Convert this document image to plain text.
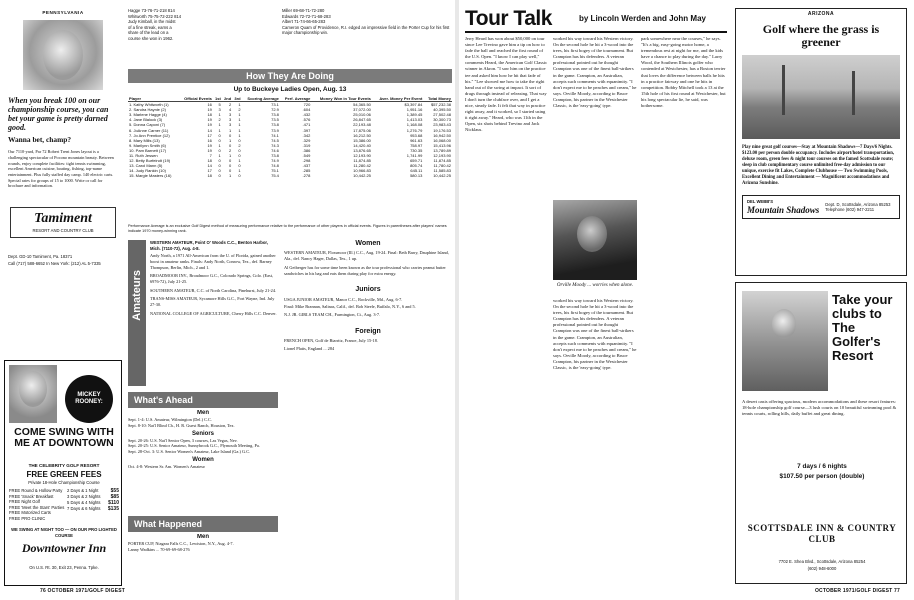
PENNSYLVANIA
When you break 100 on our championship course, you can bet your game is pretty darned good.
Wanna bet, champ?
Our 7110-yard, Par 72 Robert Trent Jones layout is a challenging spectacular of Pocono mountain beauty. Between rounds, enjoy complete facilities: tight tennis swimming, excellent American cuisine, boating, fishing, top-name entertainment. Plus fully staffed day camp. 140 electric carts. Special rates for groups of 15 to 1000. Write or call for brochure and information.
Tamiment
RESORT AND COUNTRY CLUB
Dept. GD-10 Tamiment, Pa. 18371
Call (717) 588-6652 In New York: (212) AL 5-7335
MICKEY ROONEY:
COME SWING WITH ME AT DOWNTOWN
THE CELEBRITY GOLF RESORT
FREE GREEN FEES
Private 18-Hole Championship Course
FREE Round & Hollow Party
FREE 'Snack' Breakfast
FREE Night Golf
FREE 'Meet the Stars' Parties
FREE Motorized Carts
FREE PRO CLINIC
2 Days & 1 Night $55
3 Days & 2 Nights $85
5 Days & 4 Nights $110
7 Days & 6 Nights $135
WE SWING AT NIGHT TOO — ON OUR PRO LIGHTED COURSE
Downtowner Inn
On U.S. Rt. 30, Exit 23, Penna. Tpke.
Hagge 73-76-71-218 814
Whitworth 75-75-72-222 814
Judy Kimball, in the midst
of a fine streak, earns a
share of the lead on a
course she won in 1962.
Miller 69-68-71-72-280
Edwards 72-72-71-68-283
Albert 71-74-66-65-283
Cameron Quam of Providence, R.I. edged an impressive field in the Porter Cup for his first major championship win.
How They Are Doing
Up to Buckeye Ladies Open, Aug. 13
Player	Official Events	1st	2nd	3rd	Scoring Average	Perf. Average	Money Won in Tour Events	Aver. Money Per Event	Total Money
1. Kathy Whitworth (1)	16	5	2	1	73.1	720	54,365.50	$3,397.84	$57,232.38
2. Sandra Haynie (2)	19	3	4	2	72.9	.604	37,072.00	1,951.16	40,395.50
3. Marlene Hagge (4)	18	1	3	1	73.8	.432	25,010.06	1,389.45	27,502.48
4. Jane Blalock (3)	19	2	3	1	73.5	.576	26,847.65	1,413.03	30,300.73
5. Donna Caponi (7)	19	1	3	1	73.8	.471	22,193.48	1,168.08	23,983.43
6. JoAnne Carner (11)	14	1	1	1	73.9	.397	17,875.06	1,276.79	19,176.53
7. Jo Ann Prentice (12)	17	0	0	1	74.1	.342	16,212.50	953.68	16,942.50
8. Mary Mills (13)	16	0	1	0	74.5	.329	15,386.00	961.63	16,068.00
9. Marilynn Smith (6)	19	1	0	2	74.3	.319	14,420.40	758.97	15,413.96
10. Pam Barnett (17)	19	0	2	0	74.6	.386	13,876.65	730.35	13,789.89
11. Ruth Jessen	7	1	1	0	73.8	.549	12,193.90	1,741.99	12,193.90
12. Betty Burfeindt (19)	18	0	0	1	74.9	.298	11,874.85	659.71	11,874.85
13. Carol Mann (5)	14	0	0	0	74.8	.437	11,280.42	805.74	11,780.42
14. Judy Rankin (10)	17	0	0	1	75.1	.285	10,966.83	645.11	11,585.83
15. Margie Masters (16)	18	0	1	0	75.4	.278	10,442.25	580.13	10,442.25
Performance Average is an exclusive Golf Digest method of measuring performance relative to the performance of other players in official events. Figures in parentheses after players' names indicate 1970 money-winning rank.
Amateurs
WESTERN AMATEUR, Point O' Woods C.C., Benton Harbor, Mich. (7110-72), Aug. 4-8.
Andy North, a 1971 All-American from the U. of Florida, gained another boost in amateur ranks. Finals: Andy North, Conrow, Tex., def. Barney Thompson, Berlin, Mich., 2 and 1.
BROADMOOR INV., Broadmoor G.C., Colorado Springs, Colo. (East, 6976-72), July 21-25.
SOUTHERN AMATEUR, C.C. of North Carolina, Pinehurst, July 21-24.
TRANS-MISS AMATEUR, Sycamore Hills G.C., Fort Wayne, Ind. July 27-30.
NATIONAL COLLEGE OF AGRICULTURE, Cherry Hills C.C. Denver.
What's Ahead
Men
Sept. 1-4: U.S. Amateur, Wilmington (Del.) C.C.
Sept. 8-10: Nat'l Blind Ch., H. R. Guest Ranch, Houston, Tex.
Seniors
Sept. 20-26: U.S. Nat'l Senior Open, 3 courses, Las Vegas, Nev.
Sept. 20-25: U.S. Senior Amateur, Sunnybrook G.C., Plymouth Meeting, Pa.
Sept. 28-Oct. 3: U.S. Senior Women's Amateur, Lake Island (Ga.) G.C.
Women
Oct. 4-8: Western Sr. Am. Women's Amateur
What Happened
Men
PORTER CUP, Niagara Falls C.C., Lewiston, N.Y., Aug. 4-7.
Lanny Wadkins ... 70-69-69-68-276
Women
WESTERN AMATEUR, Flossmoor (Ill.) C.C., Aug. 19-24. Final: Beth Barry, Dauphine Island, Ala., def. Nancy Hager, Dallas, Tex., 1 up.
Al Geiberger has for some time been known as the tour professional who carries peanut butter sandwiches in his bag and eats them during play for extra energy.
Juniors
USGA JUNIOR AMATEUR, Manor C.C., Rockville, Md., Aug. 6-7.
Final: Mike Brannan, Salinas, Calif., def. Bob Steele, Buffalo, N.Y., 6 and 5.
N.J. JR. GIRLS TEAM CH., Farmington, Ct., Aug. 3-7.
Foreign
FRENCH OPEN, Golf de Biarritz, France, July 15-18.
Lionel Platts, England ... 284
76 OCTOBER 1971/GOLF DIGEST
Tour Talk	by Lincoln Werden and John May
Jerry Heard has won about $50,000 on tour since Lee Trevino gave him a tip on how to fade the ball and reached the first round of the U.S. Open. "I know I can play well," comments Heard, the American Golf Classic winner in Akron. "I saw him on the practice tee and asked him how he hit that fade of his." "Lee showed me how to take the right hand out of the swing at impact. It sort of drags through instead of releasing. That way I don't turn the clubface over, and I get a nice, steady fade. It felt that way in practice right away, and it worked, so I started using it right away." Heard, who was 11th in the Open, six shots behind Trevino and Jack Nicklaus.
worked his way toward his Western victory. On the second hole he hit a 3-wood into the trees, his first bogey of the tournament. But Crampton has his defenders. A veteran professional pointed out he thought Crampton was one of the finest ball-strikers in the game. Crampton, an Australian, accepts such comments with equanimity. "I don't expect me to be peaches and cream," he says. Orville Moody, according to Bruce Crampton, his partner in the Westchester Classic, is the 'easy-going' type.
Orville Moody ... worries when alone.
worked his way toward his Western victory. On the second hole he hit a 3-wood into the trees, his first bogey of the tournament. But Crampton has his defenders. A veteran professional pointed out he thought Crampton was one of the finest ball-strikers in the game. Crampton, an Australian, accepts such comments with equanimity. "I don't expect me to be peaches and cream," he says. Orville Moody, according to Bruce Crampton, his partner in the Westchester Classic, is the 'easy-going' type.
park somewhere near the courses," he says. "It's a big, easy-going motor home, a tremendous rest at night for me, and the kids have a chance to play during the day." Larry Wood, the Southern Illinois golfer who contended at Westchester, has a Boston terrier that loves the difference between balls he hits in a practice fairway and one he hits in competition. Bobby Mitchell took a 13 at the 15th hole of his first round at Westchester, but his long spectacular lie, he said, was bothersome.
ARIZONA
Golf where the grass is greener
Play nine great golf courses—Stay at Mountain Shadows—7 Days/6 Nights. $123.00 per person double occupancy. Includes airport/hotel transportation, deluxe room, green fees & night tour courses on the famed Scottsdale route; sleep in club complimentary course unlimited free-day admission to our unique, exercise fit Lakes, Complete Clubhouse — Two Swimming Pools, Excellent Dining and Entertainment — Magnificent accommodations and Arizona Sunshine.
DEL WEBB'S
Mountain Shadows
Dept. D, Scottsdale, Arizona 85253
Telephone (602) 947-2211
Take your clubs to The Golfer's Resort
A desert oasis offering spacious, modern accommodations and these resort features: 18-hole championship golf course—3 lush courts on 10 beautiful swimming pool & tennis courts, rolling hills, daily buffet and great dining.
7 days / 6 nights
$107.50 per person (double)
SCOTTSDALE INN & COUNTRY CLUB
7702 E. Shea Blvd., Scottsdale, Arizona 85254
(602) 948-6000
OCTOBER 1971/GOLF DIGEST 77
